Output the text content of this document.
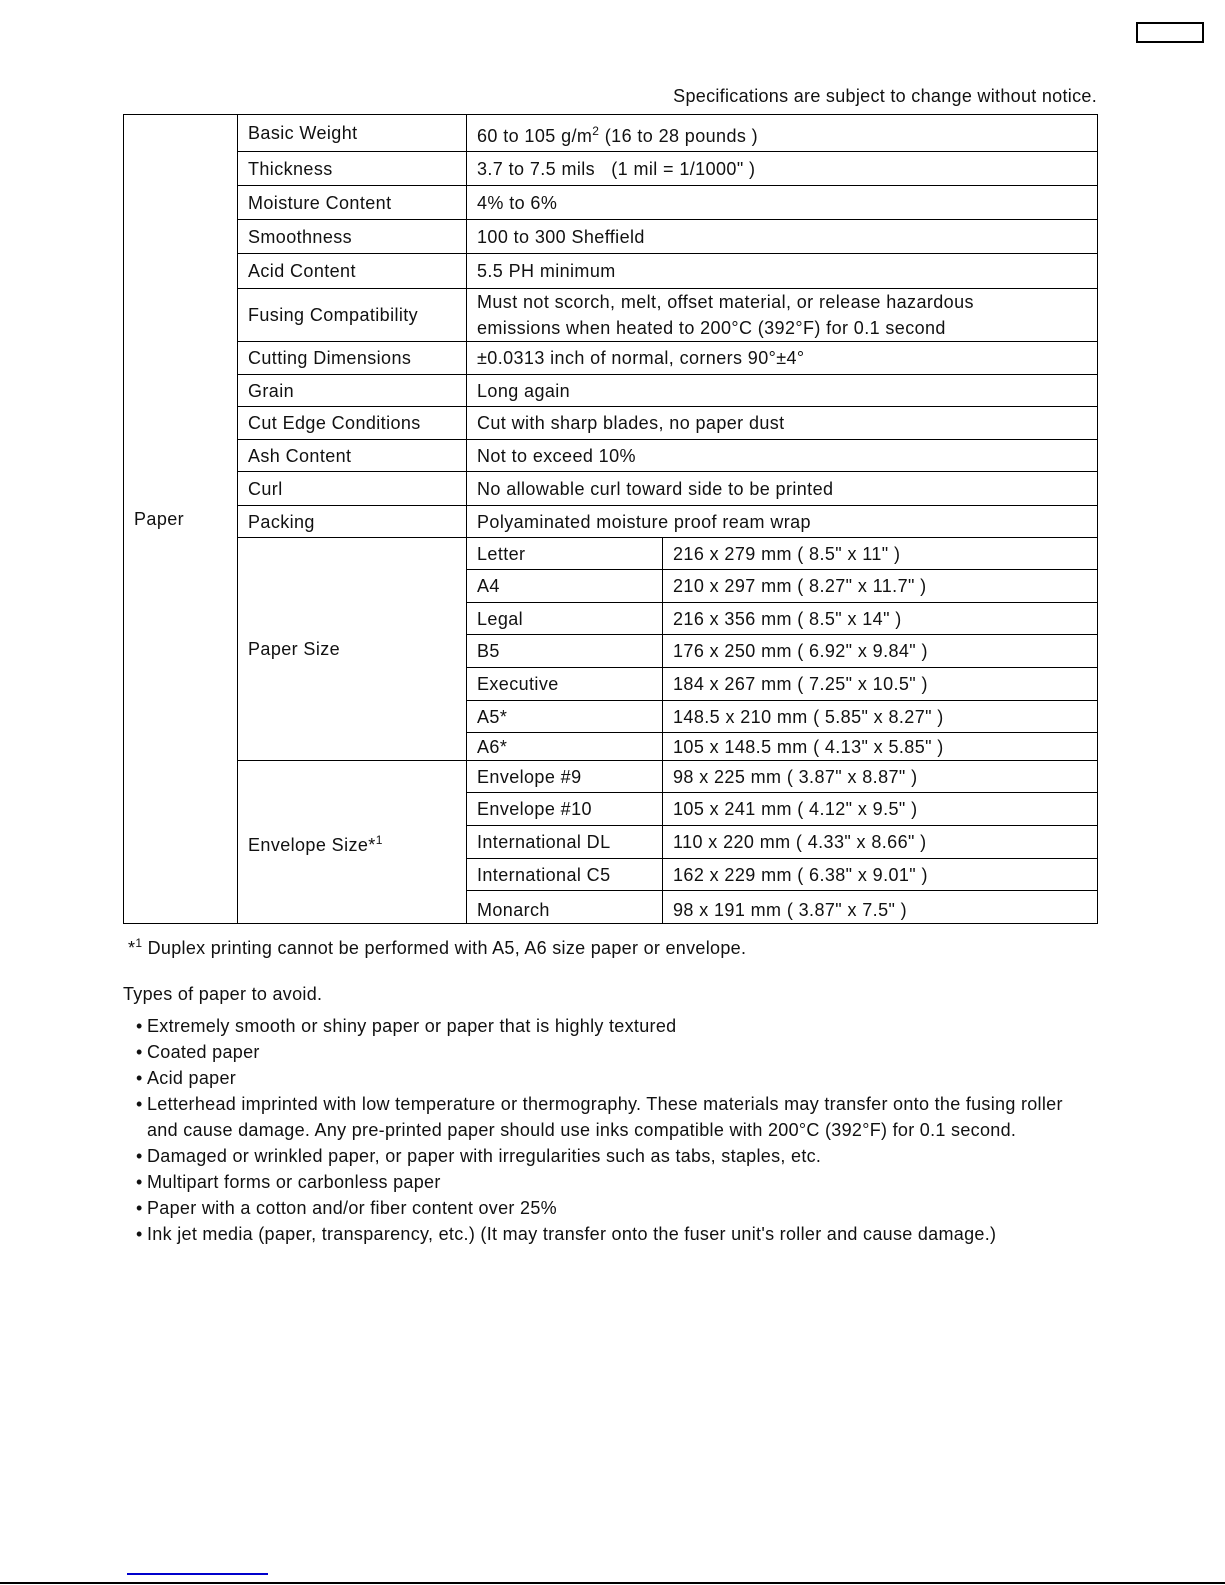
Specifications are subject to change without notice.
Paper	Basic Weight	60 to 105 $g/m^2$ (16 to 28 pounds )	
	Thickness	3.7 to 7.5 mils   (1 mil = 1/1000" )	
	Moisture Content	4% to 6%	
	Smoothness	100 to 300 Sheffield	
	Acid Content	5.5 PH minimum	
	Fusing Compatibility	Must not scorch, melt, offset material, or release hazardous
emissions when heated to 200°C (392°F) for 0.1 second	

	Cutting Dimensions	±0.0313 inch of normal, corners 90°±4°	
	Grain	Long again	
	Cut Edge Conditions	Cut with sharp blades, no paper dust	
	Ash Content	Not to exceed 10%	
	Curl	No allowable curl toward side to be printed	
	Packing	Polyaminated moisture proof ream wrap	
	Paper Size	Letter	216 x 279 mm ( 8.5" x 11" )
		A4	210 x 297 mm ( 8.27" x 11.7" )
		Legal	216 x 356 mm ( 8.5" x 14" )
		B5	176 x 250 mm ( 6.92" x 9.84" )
		Executive	184 x 267 mm ( 7.25" x 10.5" )
		A5*	148.5 x 210 mm ( 5.85" x 8.27" )
		A6*	105 x 148.5 mm ( 4.13" x 5.85" )
	Envelope Size*$^1$	Envelope #9	98 x 225 mm ( 3.87" x 8.87" )
		Envelope #10	105 x 241 mm ( 4.12" x 9.5" )
		International DL	110 x 220 mm ( 4.33" x 8.66" )
		International C5	162 x 229 mm ( 6.38" x 9.01" )
		Monarch	98 x 191 mm ( 3.87" x 7.5" )
*$^1$ Duplex printing cannot be performed with A5, A6 size paper or envelope.
Types of paper to avoid.
• Extremely smooth or shiny paper or paper that is highly textured
• Coated paper
• Acid paper
• Letterhead imprinted with low temperature or thermography. These materials may transfer onto the fusing roller and cause damage. Any pre-printed paper should use inks compatible with 200°C (392°F) for 0.1 second.
• Damaged or wrinkled paper, or paper with irregularities such as tabs, staples, etc.
• Multipart forms or carbonless paper
• Paper with a cotton and/or fiber content over 25%
• Ink jet media (paper, transparency, etc.) (It may transfer onto the fuser unit's roller and cause damage.)
